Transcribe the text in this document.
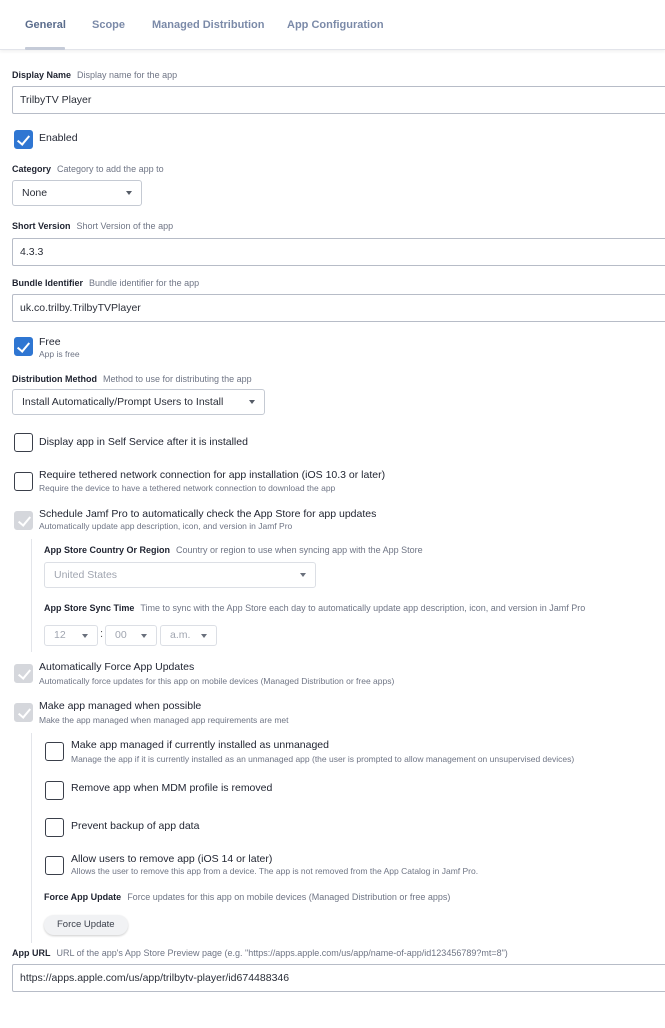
General Scope Managed Distribution App Configuration
Display Name Display name for the app
TrilbyTV Player
Enabled
Category Category to add the app to
None
Short Version Short Version of the app
4.3.3
Bundle Identifier Bundle identifier for the app
uk.co.trilby.TrilbyTVPlayer
Free
App is free
Distribution Method Method to use for distributing the app
Install Automatically/Prompt Users to Install
Display app in Self Service after it is installed
Require tethered network connection for app installation (iOS 10.3 or later)
Require the device to have a tethered network connection to download the app
Schedule Jamf Pro to automatically check the App Store for app updates
Automatically update app description, icon, and version in Jamf Pro
App Store Country Or Region Country or region to use when syncing app with the App Store
United States
App Store Sync Time Time to sync with the App Store each day to automatically update app description, icon, and version in Jamf Pro
12	:	00	a.m.
Automatically Force App Updates
Automatically force updates for this app on mobile devices (Managed Distribution or free apps)
Make app managed when possible
Make the app managed when managed app requirements are met
Make app managed if currently installed as unmanaged
Manage the app if it is currently installed as an unmanaged app (the user is prompted to allow management on unsupervised devices)
Remove app when MDM profile is removed
Prevent backup of app data
Allow users to remove app (iOS 14 or later)
Allows the user to remove this app from a device. The app is not removed from the App Catalog in Jamf Pro.
Force App Update Force updates for this app on mobile devices (Managed Distribution or free apps)
Force Update
App URL URL of the app's App Store Preview page (e.g. "https://apps.apple.com/us/app/name-of-app/id123456789?mt=8")
https://apps.apple.com/us/app/trilbytv-player/id674488346
